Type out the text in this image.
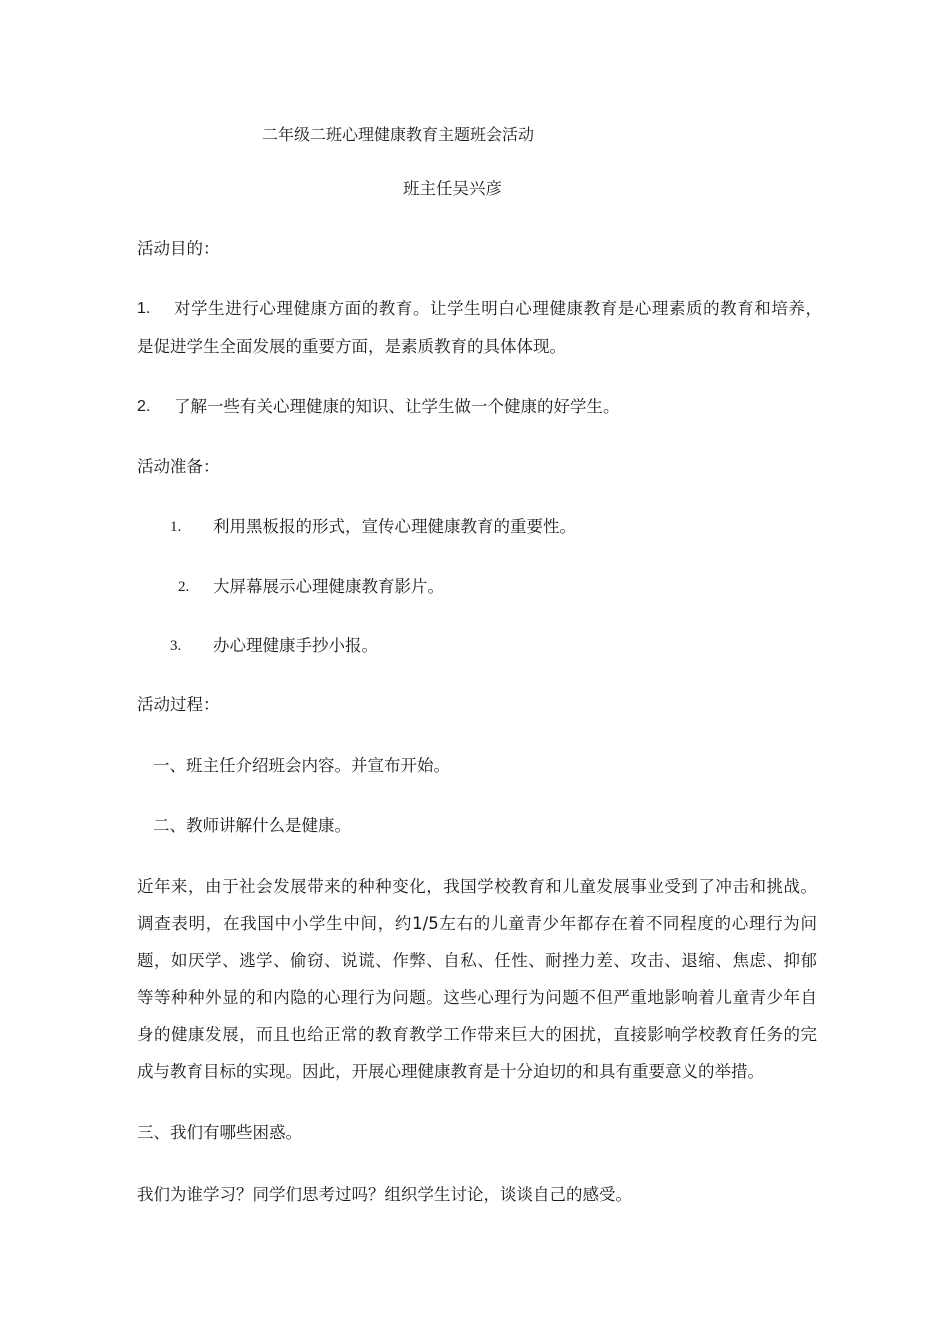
二年级二班心理健康教育主题班会活动
班主任吴兴彦
活动目的：
1. 对学生进行心理健康方面的教育。让学生明白心理健康教育是心理素质的教育和培养，
是促进学生全面发展的重要方面，是素质教育的具体体现。
2. 了解一些有关心理健康的知识、让学生做一个健康的好学生。
活动准备：
1. 利用黑板报的形式，宣传心理健康教育的重要性。
2. 大屏幕展示心理健康教育影片。
3. 办心理健康手抄小报。
活动过程：
一、班主任介绍班会内容。并宣布开始。
二、教师讲解什么是健康。
近年来，由于社会发展带来的种种变化，我国学校教育和儿童发展事业受到了冲击和挑战。
调查表明，在我国中小学生中间，约1/5左右的儿童青少年都存在着不同程度的心理行为问
题，如厌学、逃学、偷窃、说谎、作弊、自私、任性、耐挫力差、攻击、退缩、焦虑、抑郁
等等种种外显的和内隐的心理行为问题。这些心理行为问题不但严重地影响着儿童青少年自
身的健康发展，而且也给正常的教育教学工作带来巨大的困扰，直接影响学校教育任务的完
成与教育目标的实现。因此，开展心理健康教育是十分迫切的和具有重要意义的举措。
三、我们有哪些困惑。
我们为谁学习？同学们思考过吗？组织学生讨论，谈谈自己的感受。
